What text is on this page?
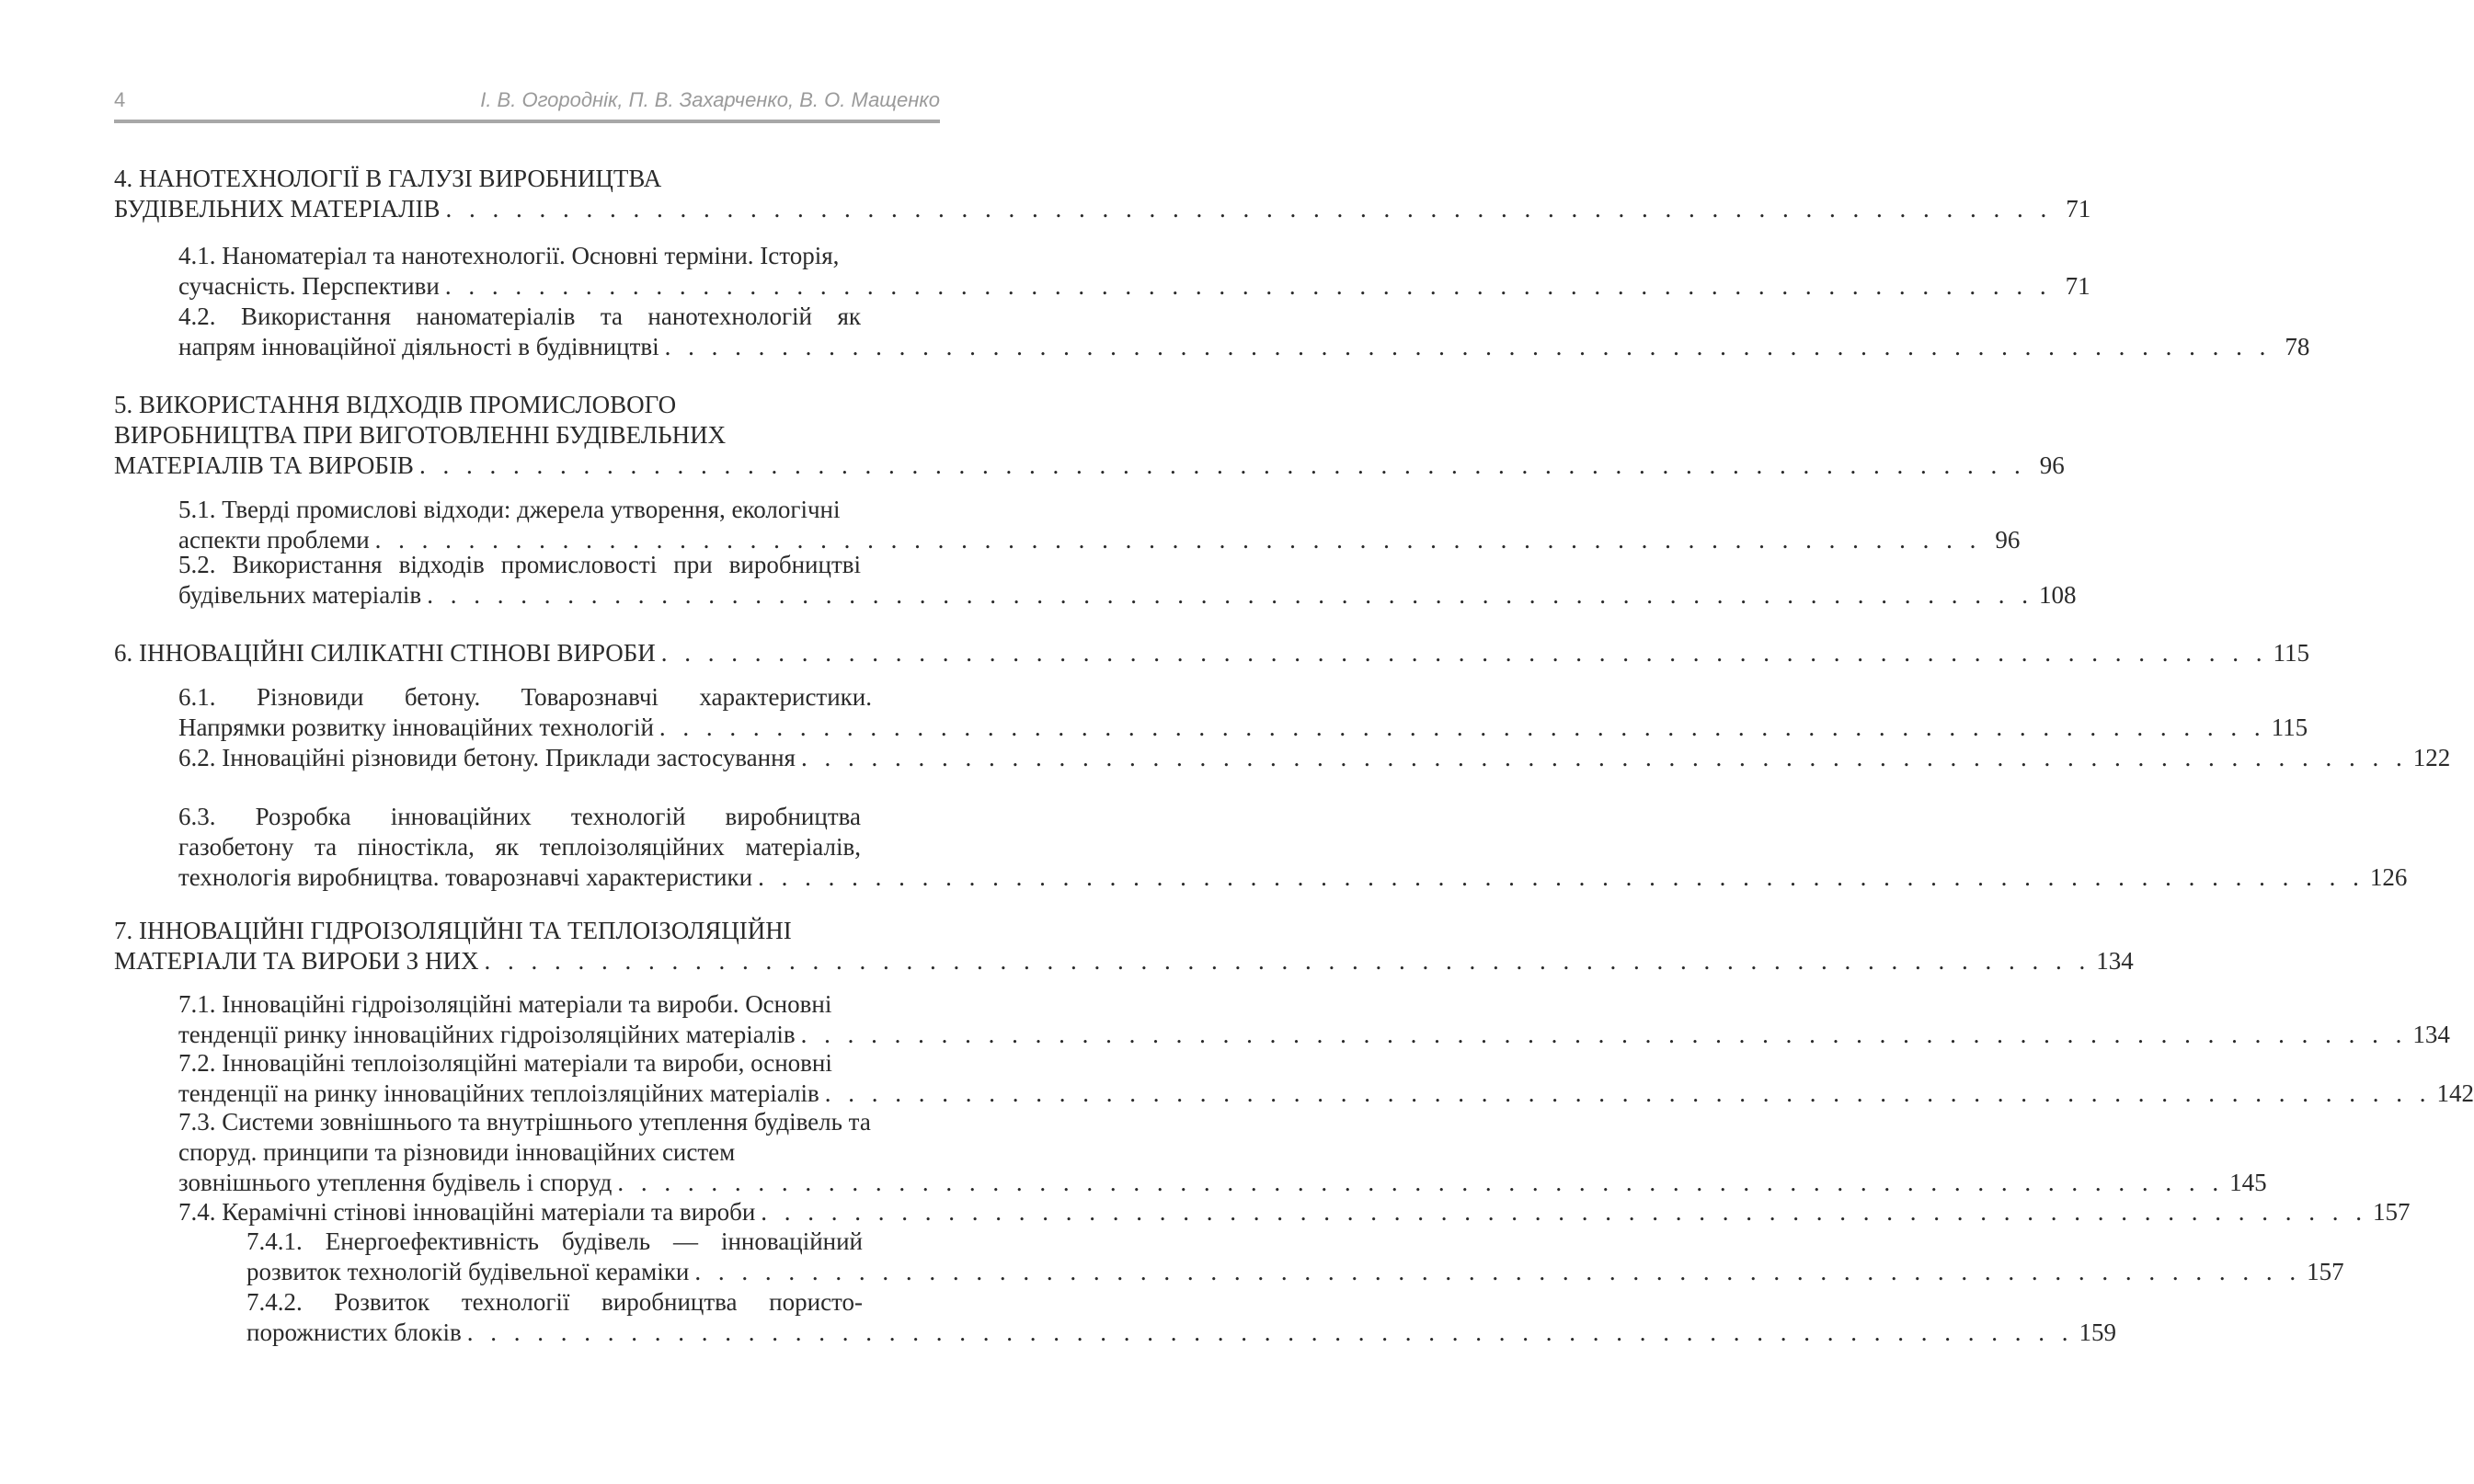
4	І. В. Огороднік, П. В. Захарченко, В. О. Мащенко
4. НАНОТЕХНОЛОГІЇ В ГАЛУЗІ ВИРОБНИЦТВА
БУДІВЕЛЬНИХ МАТЕРІАЛІВ . . . . . . . . . . . . . . . . . . . . . . . . . . . . . . . . . . . . . . . . . . . . . . . . . . . . . . . . . . . . . . . . . . . . . 71
4.1. Наноматеріал та нанотехнології. Основні терміни. Історія,
сучасність. Перспективи . . . . . . . . . . . . . . . . . . . . . . . . . . . . . . . . . . . . . . . . . . . . . . . . . . . . . . . . . . . . . . . . . . . . . 71
4.2. Використання наноматеріалів та нанотехнологій як
напрям інноваційної діяльності в будівництві . . . . . . . . . . . . . . . . . . . . . . . . . . . . . . . . . . . . . . . . . . . . . . . . . . . . . . . . . . . . . . . . . . . . . 78
5. ВИКОРИСТАННЯ ВІДХОДІВ ПРОМИСЛОВОГО
ВИРОБНИЦТВА ПРИ ВИГОТОВЛЕННІ БУДІВЕЛЬНИХ
МАТЕРІАЛІВ ТА ВИРОБІВ . . . . . . . . . . . . . . . . . . . . . . . . . . . . . . . . . . . . . . . . . . . . . . . . . . . . . . . . . . . . . . . . . . . . . 96
5.1. Тверді промислові відходи: джерела утворення, екологічні
аспекти проблеми . . . . . . . . . . . . . . . . . . . . . . . . . . . . . . . . . . . . . . . . . . . . . . . . . . . . . . . . . . . . . . . . . . . . . 96
5.2. Використання відходів промисловості при виробництві
будівельних матеріалів . . . . . . . . . . . . . . . . . . . . . . . . . . . . . . . . . . . . . . . . . . . . . . . . . . . . . . . . . . . . . . . . . . . . . 108
6. ІННОВАЦІЙНІ СИЛІКАТНІ СТІНОВІ ВИРОБИ . . . . . . . . . . . . . . . . . . . . . . . . . . . . . . . . . . . . . . . . . . . . . . . . . . . . . . . . . . . . . . . . . . . . . 115
6.1. Різновиди бетону. Товарознавчі характеристики.
Напрямки розвитку інноваційних технологій . . . . . . . . . . . . . . . . . . . . . . . . . . . . . . . . . . . . . . . . . . . . . . . . . . . . . . . . . . . . . . . . . . . . . 115
6.2. Інноваційні різновиди бетону. Приклади застосування . . . . . . . . . . . . . . . . . . . . . . . . . . . . . . . . . . . . . . . . . . . . . . . . . . . . . . . . . . . . . . . . . . . . . 122
6.3. Розробка інноваційних технологій виробництва
газобетону та піностікла, як теплоізоляційних матеріалів,
технологія виробництва. товарознавчі характеристики . . . . . . . . . . . . . . . . . . . . . . . . . . . . . . . . . . . . . . . . . . . . . . . . . . . . . . . . . . . . . . . . . . . . . 126
7. ІННОВАЦІЙНІ ГІДРОІЗОЛЯЦІЙНІ ТА ТЕПЛОІЗОЛЯЦІЙНІ
МАТЕРІАЛИ ТА ВИРОБИ З НИХ . . . . . . . . . . . . . . . . . . . . . . . . . . . . . . . . . . . . . . . . . . . . . . . . . . . . . . . . . . . . . . . . . . . . . 134
7.1. Інноваційні гідроізоляційні матеріали та вироби. Основні
тенденції ринку інноваційних гідроізоляційних матеріалів . . . . . . . . . . . . . . . . . . . . . . . . . . . . . . . . . . . . . . . . . . . . . . . . . . . . . . . . . . . . . . . . . . . . . 134
7.2. Інноваційні теплоізоляційні матеріали та вироби, основні
тенденції на ринку інноваційних теплоізляційних матеріалів . . . . . . . . . . . . . . . . . . . . . . . . . . . . . . . . . . . . . . . . . . . . . . . . . . . . . . . . . . . . . . . . . . . . . 142
7.3. Системи зовнішнього та внутрішнього утеплення будівель та
споруд. принципи та різновиди інноваційних систем
зовнішнього утеплення будівель і споруд . . . . . . . . . . . . . . . . . . . . . . . . . . . . . . . . . . . . . . . . . . . . . . . . . . . . . . . . . . . . . . . . . . . . . 145
7.4. Керамічні стінові інноваційні матеріали та вироби . . . . . . . . . . . . . . . . . . . . . . . . . . . . . . . . . . . . . . . . . . . . . . . . . . . . . . . . . . . . . . . . . . . . . 157
7.4.1. Енергоефективність будівель — інноваційний
розвиток технологій будівельної кераміки . . . . . . . . . . . . . . . . . . . . . . . . . . . . . . . . . . . . . . . . . . . . . . . . . . . . . . . . . . . . . . . . . . . . . 157
7.4.2. Розвиток технології виробництва пористо-
порожнистих блоків . . . . . . . . . . . . . . . . . . . . . . . . . . . . . . . . . . . . . . . . . . . . . . . . . . . . . . . . . . . . . . . . . . . . . 159
